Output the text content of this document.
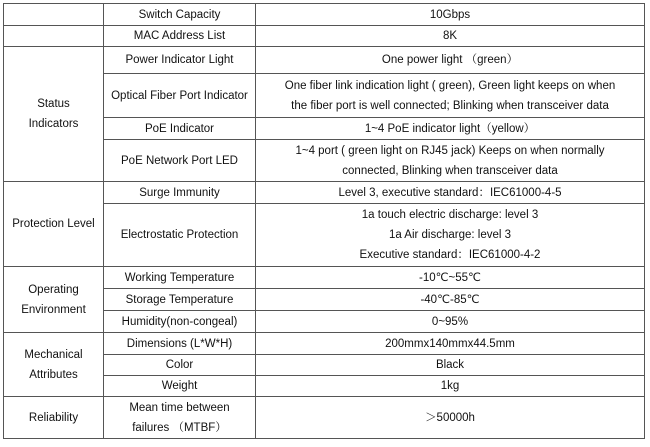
	Switch Capacity	10Gbps
	MAC Address List	8K

Status
Indicators	Power Indicator Light	One power light （green）
	Optical Fiber Port Indicator	One fiber link indication light ( green), Green light keeps on when
the fiber port is well connected; Blinking when transceiver data

	PoE Indicator	1~4 PoE indicator light（yellow）
	PoE Network Port LED	1~4 port ( green light on RJ45 jack) Keeps on when normally
connected, Blinking when transceiver data

Protection Level	Surge Immunity	Level 3, executive standard：IEC61000-4-5
	Electrostatic Protection	1a touch electric discharge: level 3
1a Air discharge: level 3
Executive standard：IEC61000-4-2

Operating
Environment	Working Temperature	-10℃~55℃
	Storage Temperature	-40℃-85℃
	Humidity(non-congeal)	0~95%

Mechanical
Attributes	Dimensions (L*W*H)	200mmx140mmx44.5mm
	Color	Black
	Weight	1kg
Reliability	Mean time between
failures （MTBF）	＞50000h
